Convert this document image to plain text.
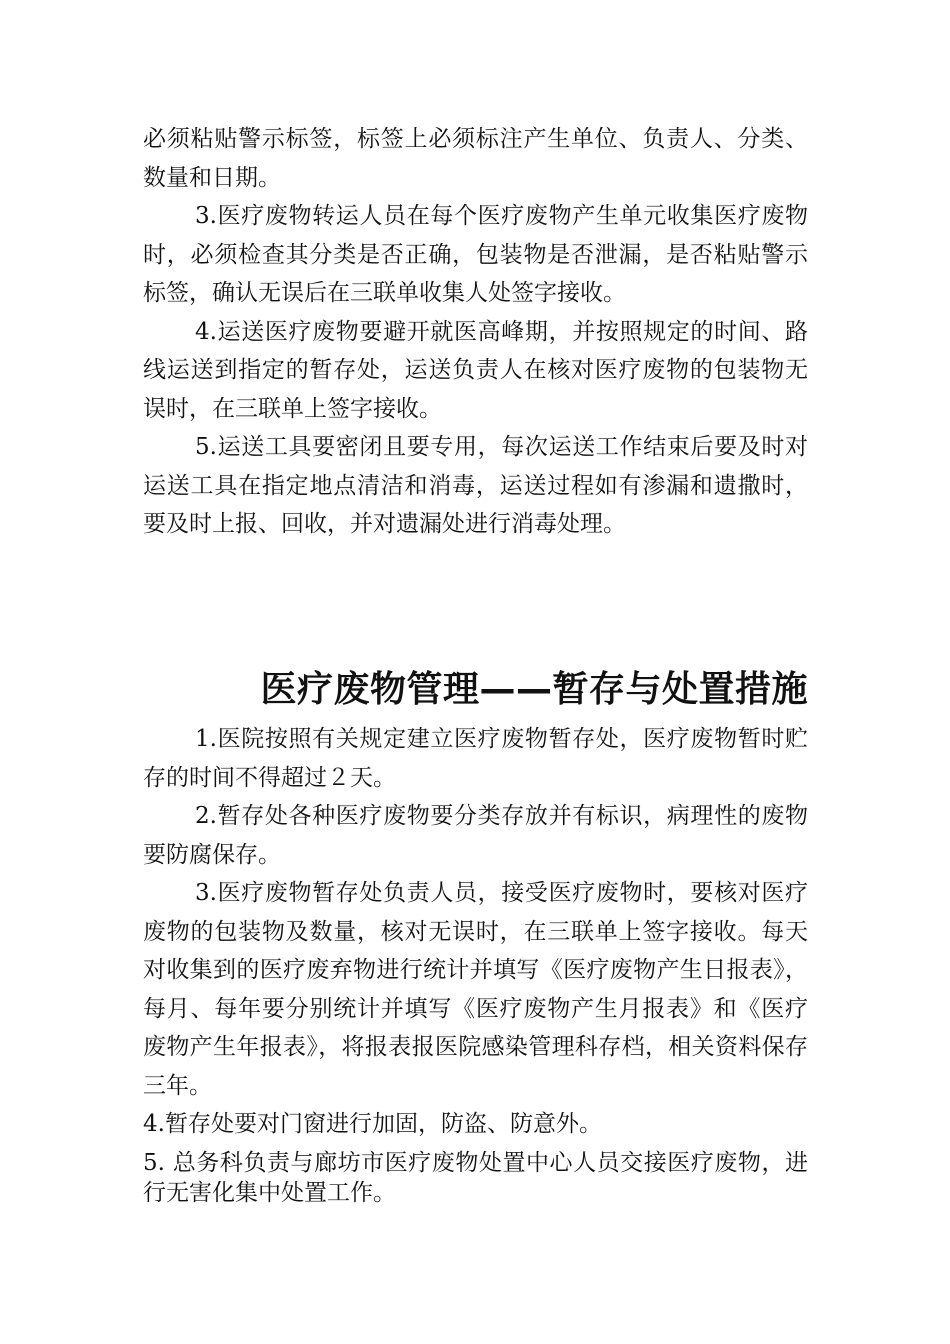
必须粘贴警示标签，标签上必须标注产生单位、负责人、分类、数量和日期。

3.医疗废物转运人员在每个医疗废物产生单元收集医疗废物时，必须检查其分类是否正确，包装物是否泄漏，是否粘贴警示标签，确认无误后在三联单收集人处签字接收。

4.运送医疗废物要避开就医高峰期，并按照规定的时间、路线运送到指定的暂存处，运送负责人在核对医疗废物的包装物无误时，在三联单上签字接收。

5.运送工具要密闭且要专用，每次运送工作结束后要及时对运送工具在指定地点清洁和消毒，运送过程如有渗漏和遗撒时，要及时上报、回收，并对遗漏处进行消毒处理。

医疗废物管理——暂存与处置措施

1.医院按照有关规定建立医疗废物暂存处，医疗废物暂时贮存的时间不得超过２天。

2.暂存处各种医疗废物要分类存放并有标识，病理性的废物要防腐保存。

3.医疗废物暂存处负责人员，接受医疗废物时，要核对医疗废物的包装物及数量，核对无误时，在三联单上签字接收。每天对收集到的医疗废弃物进行统计并填写《医疗废物产生日报表》，每月、每年要分别统计并填写《医疗废物产生月报表》和《医疗废物产生年报表》，将报表报医院感染管理科存档，相关资料保存三年。

4.暂存处要对门窗进行加固，防盗、防意外。

5. 总务科负责与廊坊市医疗废物处置中心人员交接医疗废物，进行无害化集中处置工作。
